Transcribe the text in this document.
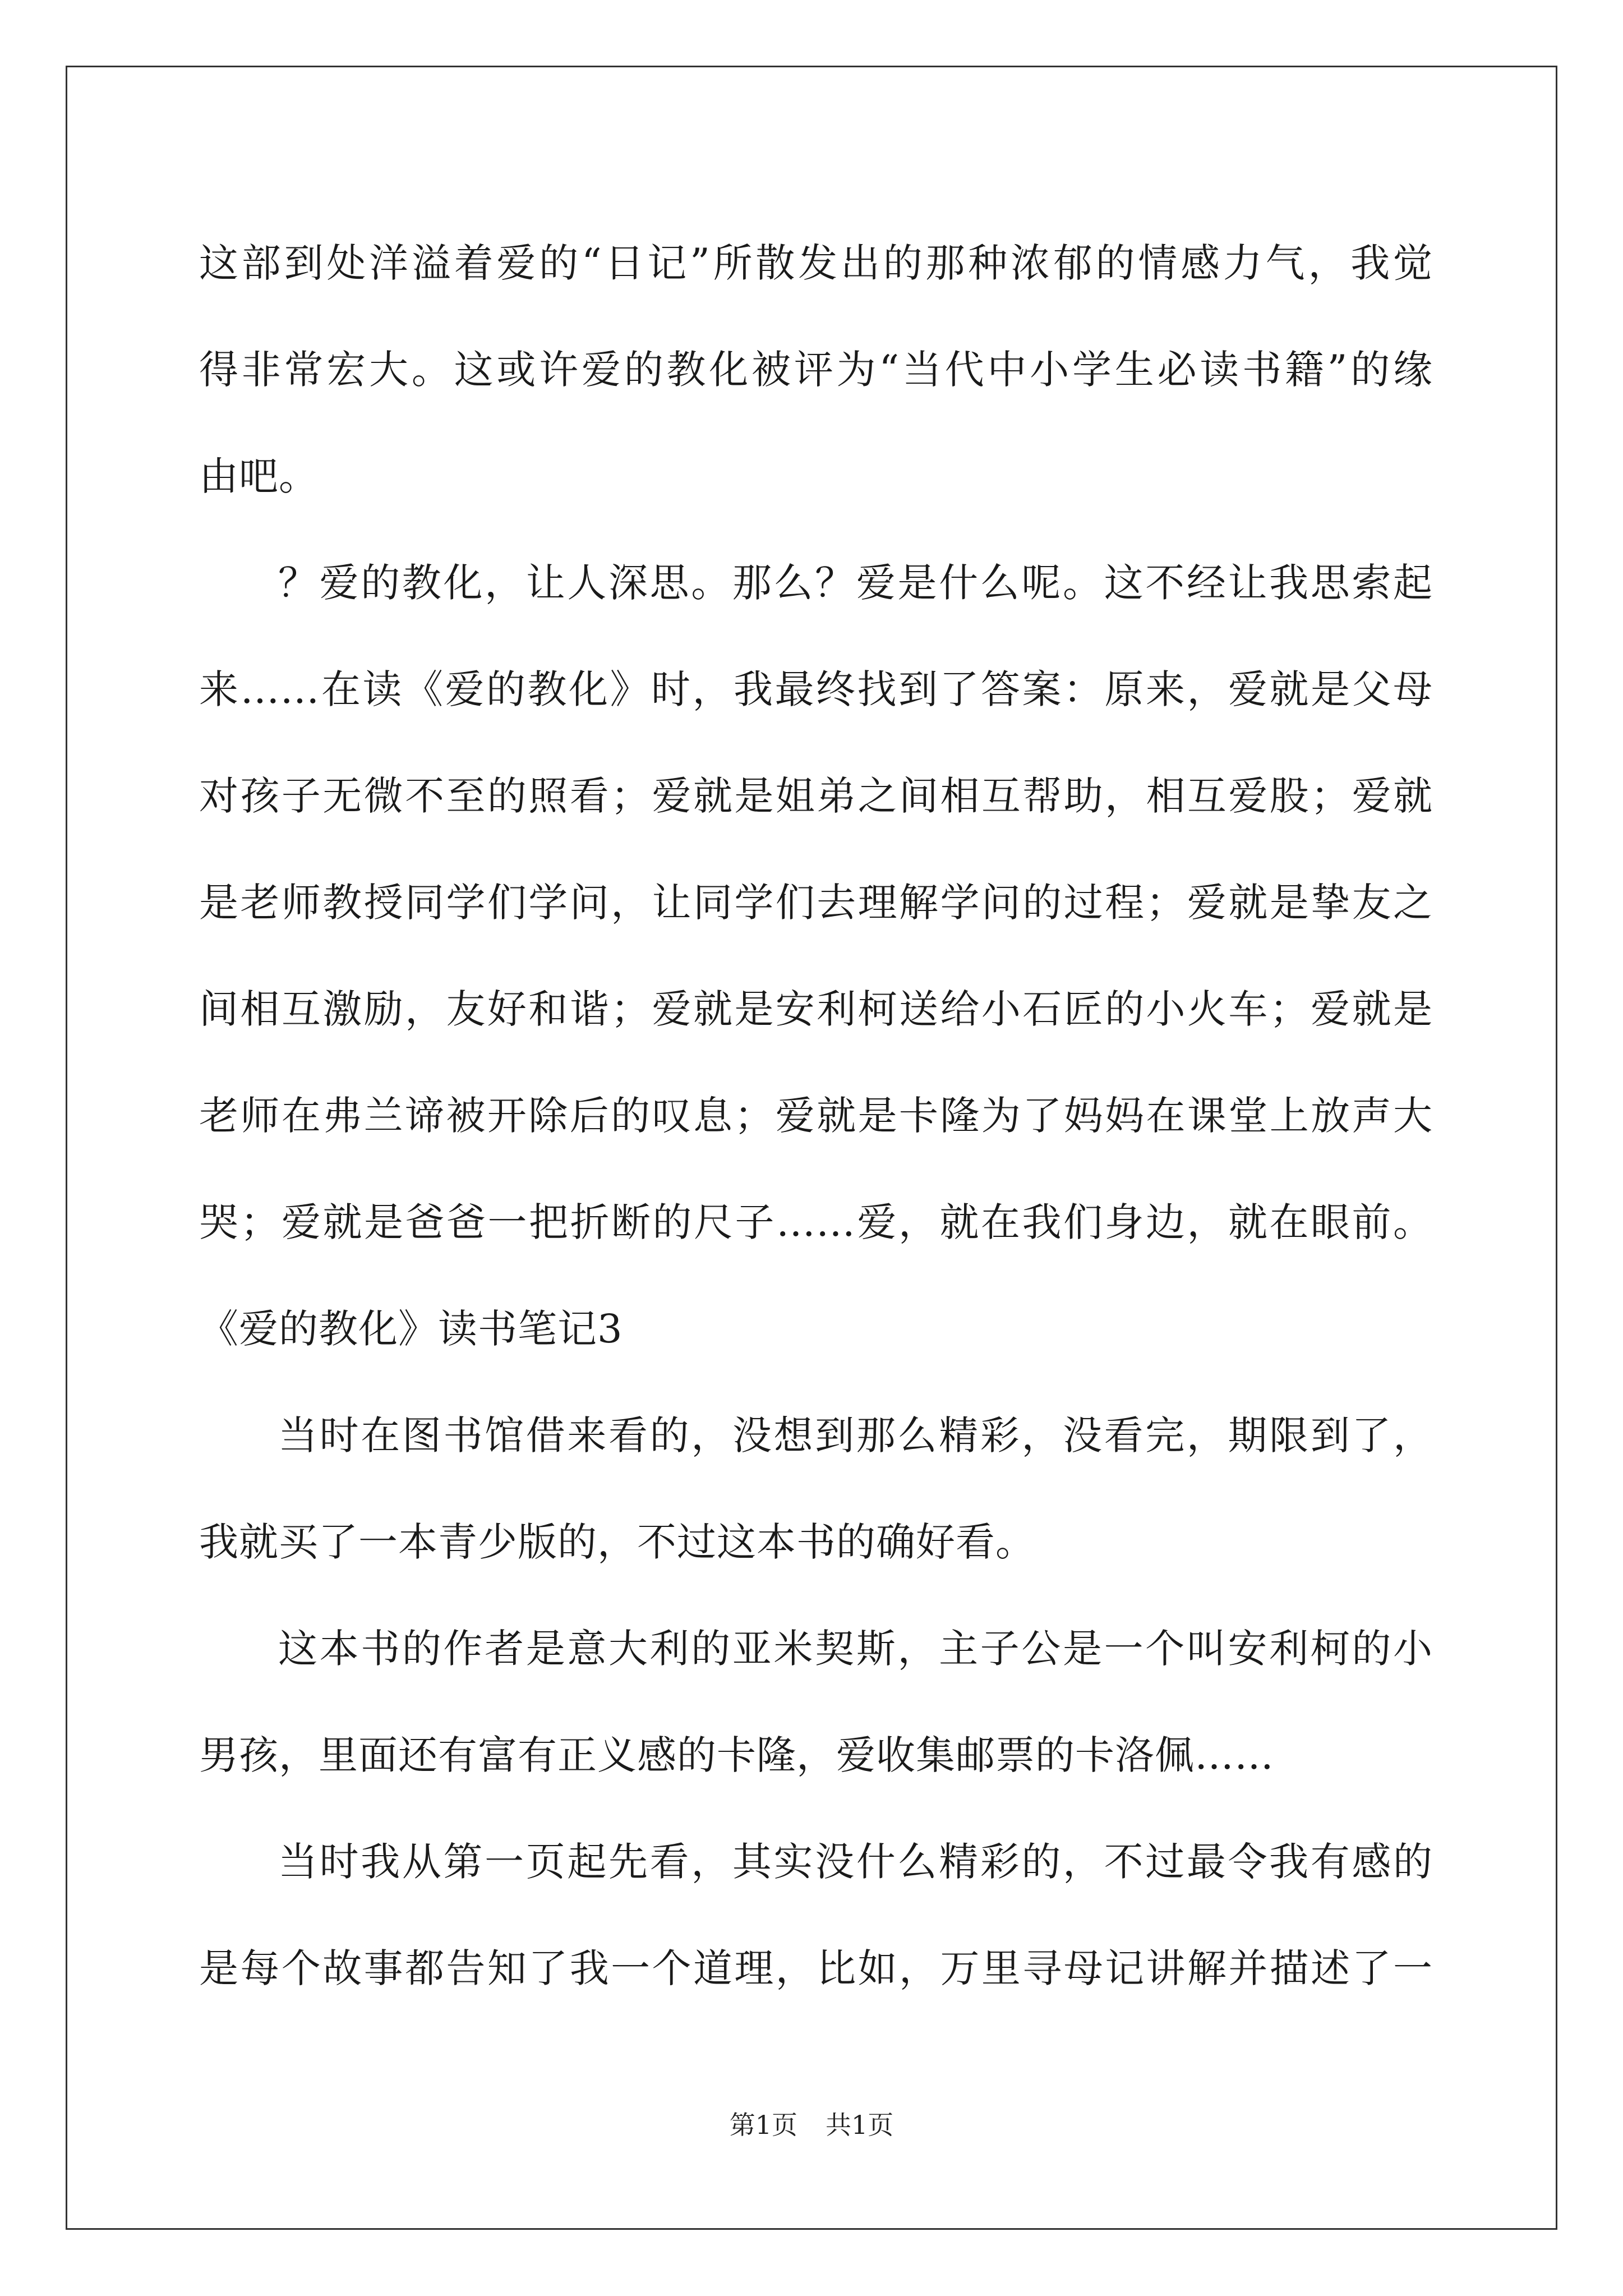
这部到处洋溢着爱的“日记”所散发出的那种浓郁的情感力气，我觉
得非常宏大。这或许爱的教化被评为“当代中小学生必读书籍”的缘
由吧。
？爱的教化，让人深思。那么？爱是什么呢。这不经让我思索起
来……在读《爱的教化》时，我最终找到了答案：原来，爱就是父母
对孩子无微不至的照看；爱就是姐弟之间相互帮助，相互爱股；爱就
是老师教授同学们学问，让同学们去理解学问的过程；爱就是挚友之
间相互激励，友好和谐；爱就是安利柯送给小石匠的小火车；爱就是
老师在弗兰谛被开除后的叹息；爱就是卡隆为了妈妈在课堂上放声大
哭；爱就是爸爸一把折断的尺子……爱，就在我们身边，就在眼前。
《爱的教化》读书笔记3
当时在图书馆借来看的，没想到那么精彩，没看完，期限到了，
我就买了一本青少版的，不过这本书的确好看。
这本书的作者是意大利的亚米契斯，主子公是一个叫安利柯的小
男孩，里面还有富有正义感的卡隆，爱收集邮票的卡洛佩……
当时我从第一页起先看，其实没什么精彩的，不过最令我有感的
是每个故事都告知了我一个道理，比如，万里寻母记讲解并描述了一
第1页 共1页
